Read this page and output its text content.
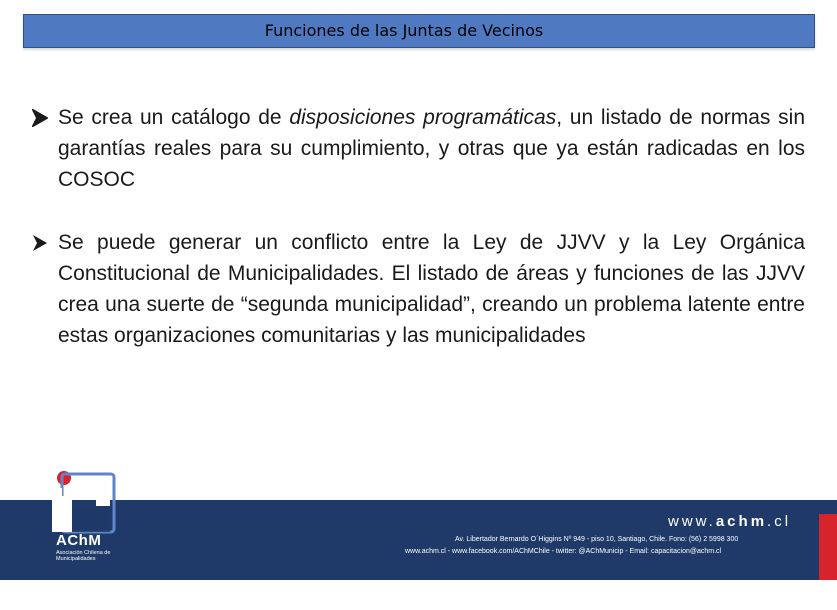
Funciones de las Juntas de Vecinos
Se crea un catálogo de disposiciones programáticas, un listado de normas sin garantías reales para su cumplimiento, y otras que ya están radicadas en los COSOC
Se puede generar un conflicto entre la Ley de JJVV y la Ley Orgánica Constitucional de Municipalidades. El listado de áreas y funciones de las JJVV crea una suerte de “segunda municipalidad”, creando un problema latente entre estas organizaciones comunitarias y las municipalidades
AChM
Asociación Chilena de Municipalidades
www.achm.cl
Av. Libertador Bernardo O´Higgins Nº 949 - piso 10, Santiago, Chile. Fono: (56) 2 5998 300
www.achm.cl - www.facebook.com/AChMChile - twitter: @AChMunicip - Email: capacitacion@achm.cl
